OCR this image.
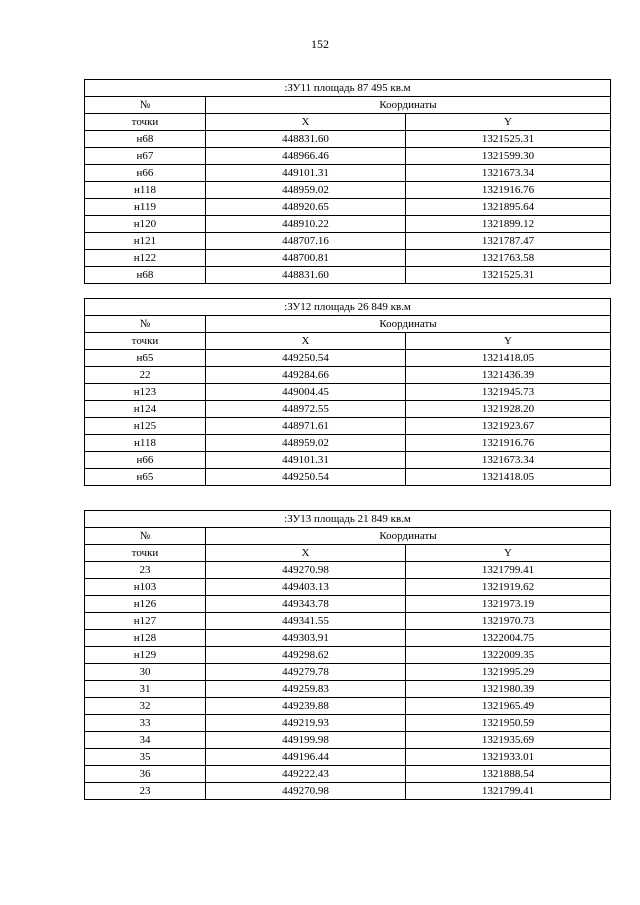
152
:ЗУ11 площадь 87 495 кв.м		
№	Координаты	
точки	X	Y
н68	448831.60	1321525.31
н67	448966.46	1321599.30
н66	449101.31	1321673.34
н118	448959.02	1321916.76
н119	448920.65	1321895.64
н120	448910.22	1321899.12
н121	448707.16	1321787.47
н122	448700.81	1321763.58
н68	448831.60	1321525.31
:ЗУ12 площадь 26 849 кв.м		
№	Координаты	
точки	X	Y
н65	449250.54	1321418.05
22	449284.66	1321436.39
н123	449004.45	1321945.73
н124	448972.55	1321928.20
н125	448971.61	1321923.67
н118	448959.02	1321916.76
н66	449101.31	1321673.34
н65	449250.54	1321418.05
:ЗУ13 площадь 21 849 кв.м		
№	Координаты	
точки	X	Y
23	449270.98	1321799.41
н103	449403.13	1321919.62
н126	449343.78	1321973.19
н127	449341.55	1321970.73
н128	449303.91	1322004.75
н129	449298.62	1322009.35
30	449279.78	1321995.29
31	449259.83	1321980.39
32	449239.88	1321965.49
33	449219.93	1321950.59
34	449199.98	1321935.69
35	449196.44	1321933.01
36	449222.43	1321888.54
23	449270.98	1321799.41
